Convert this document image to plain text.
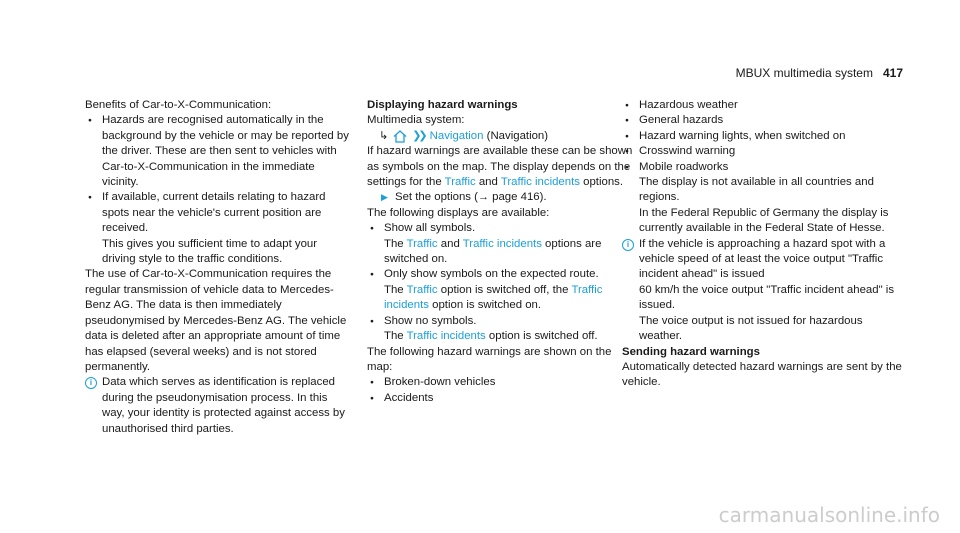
MBUX multimedia system 417

Benefits of Car-to-X-Communication:

● Hazards are recognised automatically in the background by the vehicle or may be reported by the driver. These are then sent to vehicles with Car-to-X-Communication in the immediate vicinity.

● If available, current details relating to hazard spots near the vehicle's current position are received.

This gives you sufficient time to adapt your driving style to the traffic conditions.

The use of Car-to-X-Communication requires the regular transmission of vehicle data to Mercedes-Benz AG. The data is then immediately pseudonymised by Mercedes-Benz AG. The vehicle data is deleted after an appropriate amount of time has elapsed (several weeks) and is not stored permanently.

i Data which serves as identification is replaced during the pseudonymisation process. In this way, your identity is protected against access by unauthorised third parties.

Displaying hazard warnings

Multimedia system:

↳ ❯❯ Navigation (Navigation)

If hazard warnings are available these can be shown as symbols on the map. The display depends on the settings for the Traffic and Traffic incidents options.

▶ Set the options (→ page 416).

The following displays are available:

● Show all symbols.

The Traffic and Traffic incidents options are switched on.

● Only show symbols on the expected route.

The Traffic option is switched off, the Traffic incidents option is switched on.

● Show no symbols.

The Traffic incidents option is switched off.

The following hazard warnings are shown on the map:

● Broken-down vehicles

● Accidents

● Hazardous weather

● General hazards

● Hazard warning lights, when switched on

● Crosswind warning

● Mobile roadworks

The display is not available in all countries and regions.

In the Federal Republic of Germany the display is currently available in the Federal State of Hesse.

i If the vehicle is approaching a hazard spot with a vehicle speed of at least the voice output "Traffic incident ahead" is issued

60 km/h the voice output "Traffic incident ahead" is issued.

The voice output is not issued for hazardous weather.

Sending hazard warnings

Automatically detected hazard warnings are sent by the vehicle.

carmanualsonline.info
